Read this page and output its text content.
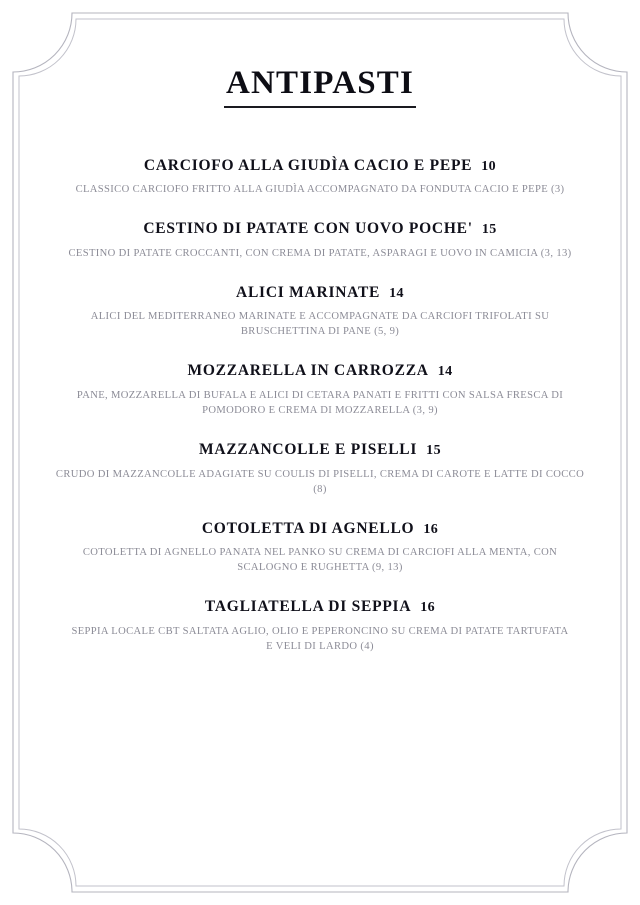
ANTIPASTI
CARCIOFO ALLA GIUDÌA CACIO E PEPE 10
CLASSICO CARCIOFO FRITTO ALLA GIUDÌA ACCOMPAGNATO DA FONDUTA CACIO E PEPE (3)
CESTINO DI PATATE CON UOVO POCHE' 15
CESTINO DI PATATE CROCCANTI, CON CREMA DI PATATE, ASPARAGI E UOVO IN CAMICIA (3, 13)
ALICI MARINATE 14
ALICI DEL MEDITERRANEO MARINATE E ACCOMPAGNATE DA CARCIOFI TRIFOLATI SU BRUSCHETTINA DI PANE (5, 9)
MOZZARELLA IN CARROZZA 14
PANE, MOZZARELLA DI BUFALA E ALICI DI CETARA PANATI E FRITTI CON SALSA FRESCA DI POMODORO E CREMA DI MOZZARELLA (3, 9)
MAZZANCOLLE E PISELLI 15
CRUDO DI MAZZANCOLLE ADAGIATE SU COULIS DI PISELLI, CREMA DI CAROTE E LATTE DI COCCO (8)
COTOLETTA DI AGNELLO 16
COTOLETTA DI AGNELLO PANATA NEL PANKO SU CREMA DI CARCIOFI ALLA MENTA, CON SCALOGNO E RUGHETTA (9, 13)
TAGLIATELLA DI SEPPIA 16
SEPPIA LOCALE CBT SALTATA AGLIO, OLIO E PEPERONCINO SU CREMA DI PATATE TARTUFATA E VELI DI LARDO (4)
